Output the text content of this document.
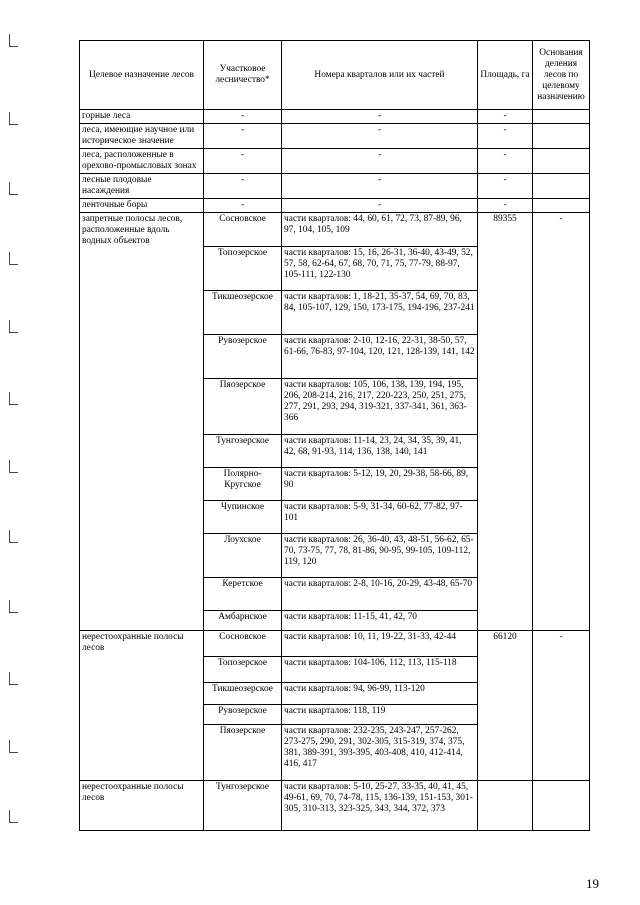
Целевое назначение лесов	Участковое лесничество*	Номера кварталов или их частей	Площадь, га	Основания деления лесов по целевому назначению
горные леса	-	-	-	
леса, имеющие научное или историческое значение	-	-	-	
леса, расположенные в орехово-промысловых зонах	-	-	-	
лесные плодовые насаждения	-	-	-	
ленточные боры	-	-	-	
запретные полосы лесов, расположенные вдоль водных объектов	Сосновское	части кварталов: 44, 60, 61, 72, 73, 87-89, 96, 97, 104, 105, 109	89355	-
	Топозерское	части кварталов: 15, 16, 26-31, 36-40, 43-49, 52, 57, 58, 62-64, 67, 68, 70, 71, 75, 77-79, 88-97, 105-111, 122-130		
	Тикшеозерское	части кварталов: 1, 18-21, 35-37, 54, 69, 70, 83, 84, 105-107, 129, 150, 173-175, 194-196, 237-241		
	Рувозерское	части кварталов: 2-10, 12-16, 22-31, 38-50, 57, 61-66, 76-83, 97-104, 120, 121, 128-139, 141, 142		
	Пяозерское	части кварталов: 105, 106, 138, 139, 194, 195, 206, 208-214, 216, 217, 220-223, 250, 251, 275, 277, 291, 293, 294, 319-321, 337-341, 361, 363-366		
	Тунгозерское	части кварталов: 11-14, 23, 24, 34, 35, 39, 41, 42, 68, 91-93, 114, 136, 138, 140, 141		
	Полярно-Кругское	части кварталов: 5-12, 19, 20, 29-38, 58-66, 89, 90		
	Чупинское	части кварталов: 5-9, 31-34, 60-62, 77-82, 97-101		
	Лоухское	части кварталов: 26, 36-40, 43, 48-51, 56-62, 65-70, 73-75, 77, 78, 81-86, 90-95, 99-105, 109-112, 119, 120		
	Керетское	части кварталов: 2-8, 10-16, 20-29, 43-48, 65-70		
	Амбарнское	части кварталов: 11-15, 41, 42, 70		
нерестоохранные полосы лесов	Сосновское	части кварталов: 10, 11, 19-22, 31-33, 42-44	66120	-
	Топозерское	части кварталов: 104-106, 112, 113, 115-118		
	Тикшеозерское	части кварталов: 94, 96-99, 113-120		
	Рувозерское	части кварталов: 118, 119		
	Пяозерское	части кварталов: 232-235, 243-247, 257-262, 273-275, 290, 291, 302-305, 315-319, 374, 375, 381, 389-391, 393-395, 403-408, 410, 412-414, 416, 417		
нерестоохранные полосы лесов	Тунгозерское	части кварталов: 5-10, 25-27, 33-35, 40, 41, 45, 49-61, 69, 70, 74-78, 115, 136-139, 151-153, 301-305, 310-313, 323-325, 343, 344, 372, 373		
19
